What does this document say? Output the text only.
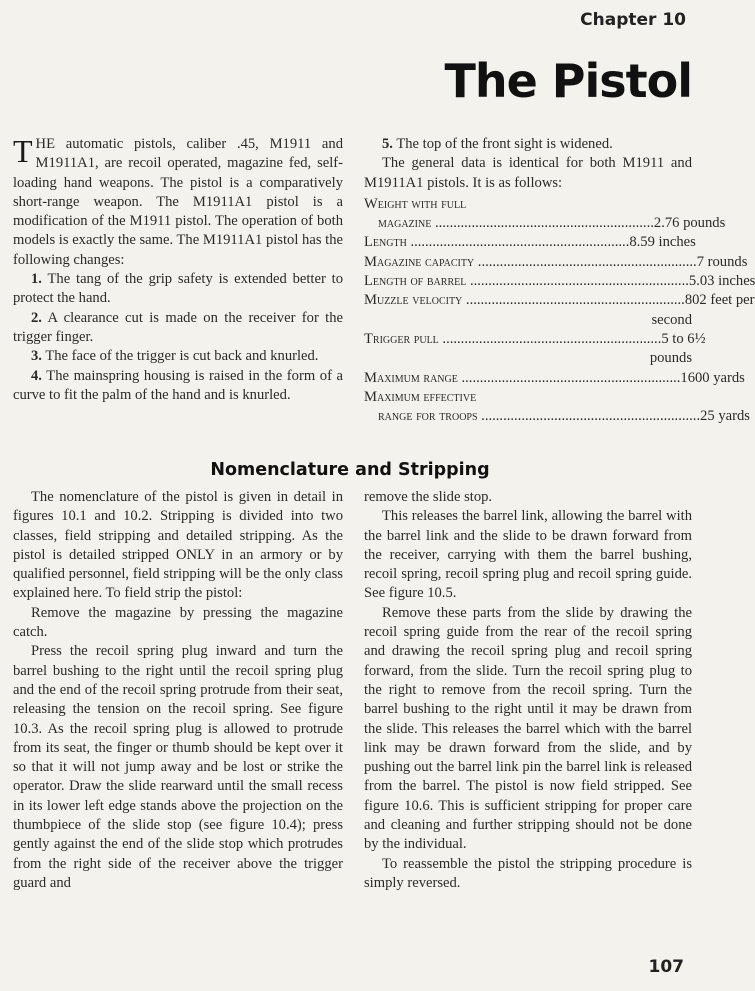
Chapter 10
The Pistol

THE automatic pistols, caliber .45, M1911 and M1911A1, are recoil operated, magazine fed, self-loading hand weapons. The pistol is a comparatively short-range weapon. The M1911A1 pistol is a modification of the M1911 pistol. The operation of both models is exactly the same. The M1911A1 pistol has the following changes:

1. The tang of the grip safety is extended better to protect the hand.

2. A clearance cut is made on the receiver for the trigger finger.

3. The face of the trigger is cut back and knurled.

4. The mainspring housing is raised in the form of a curve to fit the palm of the hand and is knurled.

5. The top of the front sight is widened.

The general data is identical for both M1911 and M1911A1 pistols. It is as follows:

Weight with full
magazine ............................................................ 2.76 pounds
Length ............................................................ 8.59 inches
Magazine capacity ............................................................ 7 rounds
Length of barrel ............................................................ 5.03 inches
Muzzle velocity ............................................................ 802 feet per
second
Trigger pull ............................................................ 5 to 6½
pounds
Maximum range ............................................................ 1600 yards
Maximum effective
range for troops ............................................................ 25 yards
Nomenclature and Stripping

The nomenclature of the pistol is given in detail in figures 10.1 and 10.2. Stripping is divided into two classes, field stripping and detailed stripping. As the pistol is detailed stripped ONLY in an armory or by qualified personnel, field stripping will be the only class explained here. To field strip the pistol:

Remove the magazine by pressing the magazine catch.

Press the recoil spring plug inward and turn the barrel bushing to the right until the recoil spring plug and the end of the recoil spring protrude from their seat, releasing the tension on the recoil spring. See figure 10.3. As the recoil spring plug is allowed to protrude from its seat, the finger or thumb should be kept over it so that it will not jump away and be lost or strike the operator. Draw the slide rearward until the small recess in its lower left edge stands above the projection on the thumbpiece of the slide stop (see figure 10.4); press gently against the end of the slide stop which protrudes from the right side of the receiver above the trigger guard and

remove the slide stop.

This releases the barrel link, allowing the barrel with the barrel link and the slide to be drawn forward from the receiver, carrying with them the barrel bushing, recoil spring, recoil spring plug and recoil spring guide. See figure 10.5.

Remove these parts from the slide by drawing the recoil spring guide from the rear of the recoil spring and drawing the recoil spring plug and recoil spring forward, from the slide. Turn the recoil spring plug to the right to remove from the recoil spring. Turn the barrel bushing to the right until it may be drawn from the slide. This releases the barrel which with the barrel link may be drawn forward from the slide, and by pushing out the barrel link pin the barrel link is released from the barrel. The pistol is now field stripped. See figure 10.6. This is sufficient stripping for proper care and cleaning and further stripping should not be done by the individual.

To reassemble the pistol the stripping procedure is simply reversed.

107
